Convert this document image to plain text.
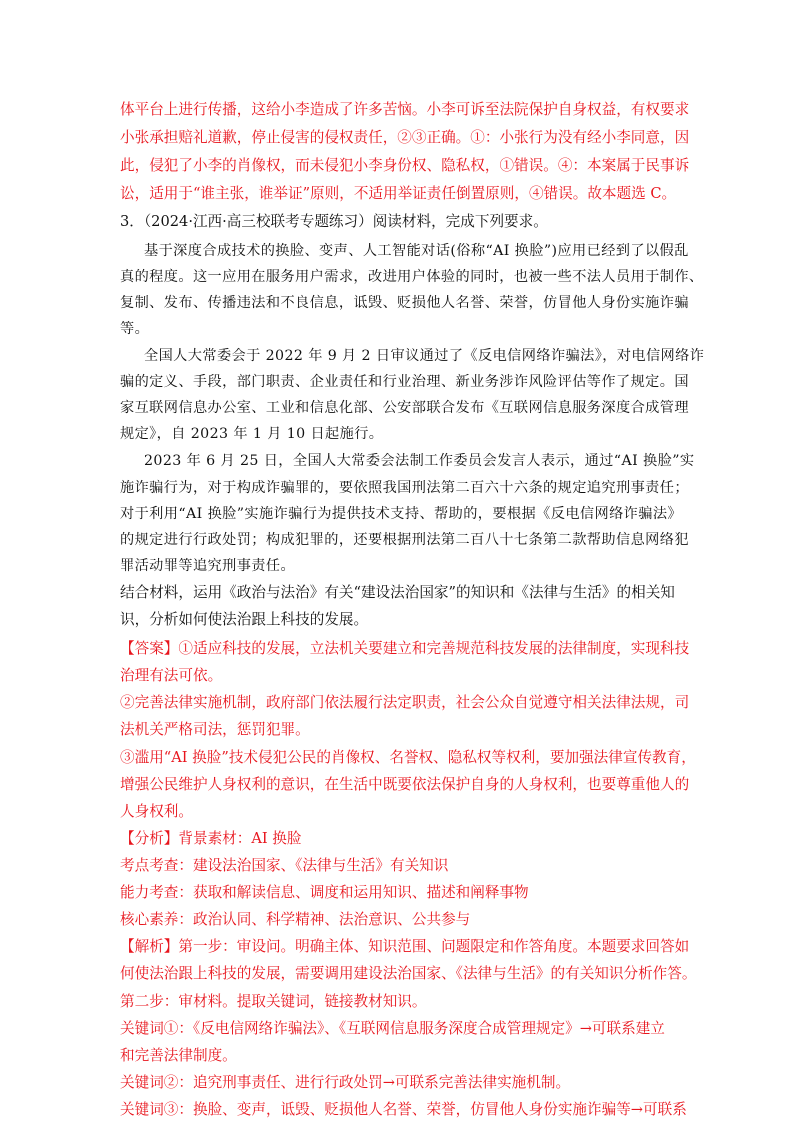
体平台上进行传播，这给小李造成了许多苦恼。小李可诉至法院保护自身权益，有权要求
小张承担赔礼道歉，停止侵害的侵权责任，②③正确。①：小张行为没有经小李同意，因
此，侵犯了小李的肖像权，而未侵犯小李身份权、隐私权，①错误。④：本案属于民事诉
讼，适用于“谁主张，谁举证”原则，不适用举证责任倒置原则，④错误。故本题选 C。
3．（2024·江西·高三校联考专题练习）阅读材料，完成下列要求。
基于深度合成技术的换脸、变声、人工智能对话(俗称“AI 换脸”)应用已经到了以假乱
真的程度。这一应用在服务用户需求，改进用户体验的同时，也被一些不法人员用于制作、
复制、发布、传播违法和不良信息，诋毁、贬损他人名誉、荣誉，仿冒他人身份实施诈骗
等。
全国人大常委会于 2022 年 9 月 2 日审议通过了《反电信网络诈骗法》，对电信网络诈
骗的定义、手段，部门职责、企业责任和行业治理、新业务涉诈风险评估等作了规定。国
家互联网信息办公室、工业和信息化部、公安部联合发布《互联网信息服务深度合成管理
规定》，自 2023 年 1 月 10 日起施行。
2023 年 6 月 25 日，全国人大常委会法制工作委员会发言人表示，通过“AI 换脸”实
施诈骗行为，对于构成诈骗罪的，要依照我国刑法第二百六十六条的规定追究刑事责任；
对于利用“AI 换脸”实施诈骗行为提供技术支持、帮助的，要根据《反电信网络诈骗法》
的规定进行行政处罚；构成犯罪的，还要根据刑法第二百八十七条第二款帮助信息网络犯
罪活动罪等追究刑事责任。
结合材料，运用《政治与法治》有关“建设法治国家”的知识和《法律与生活》的相关知
识，分析如何使法治跟上科技的发展。
【答案】①适应科技的发展，立法机关要建立和完善规范科技发展的法律制度，实现科技
治理有法可依。
②完善法律实施机制，政府部门依法履行法定职责，社会公众自觉遵守相关法律法规，司
法机关严格司法，惩罚犯罪。
③滥用“AI 换脸”技术侵犯公民的肖像权、名誉权、隐私权等权利，要加强法律宣传教育，
增强公民维护人身权利的意识，在生活中既要依法保护自身的人身权利，也要尊重他人的
人身权利。
【分析】背景素材：AI 换脸
考点考查：建设法治国家、《法律与生活》有关知识
能力考查：获取和解读信息、调度和运用知识、描述和阐释事物
核心素养：政治认同、科学精神、法治意识、公共参与
【解析】第一步：审设问。明确主体、知识范围、问题限定和作答角度。本题要求回答如
何使法治跟上科技的发展，需要调用建设法治国家、《法律与生活》的有关知识分析作答。
第二步：审材料。提取关键词，链接教材知识。
关键词①：《反电信网络诈骗法》、《互联网信息服务深度合成管理规定》→可联系建立
和完善法律制度。
关键词②：追究刑事责任、进行行政处罚→可联系完善法律实施机制。
关键词③：换脸、变声，诋毁、贬损他人名誉、荣誉，仿冒他人身份实施诈骗等→可联系
